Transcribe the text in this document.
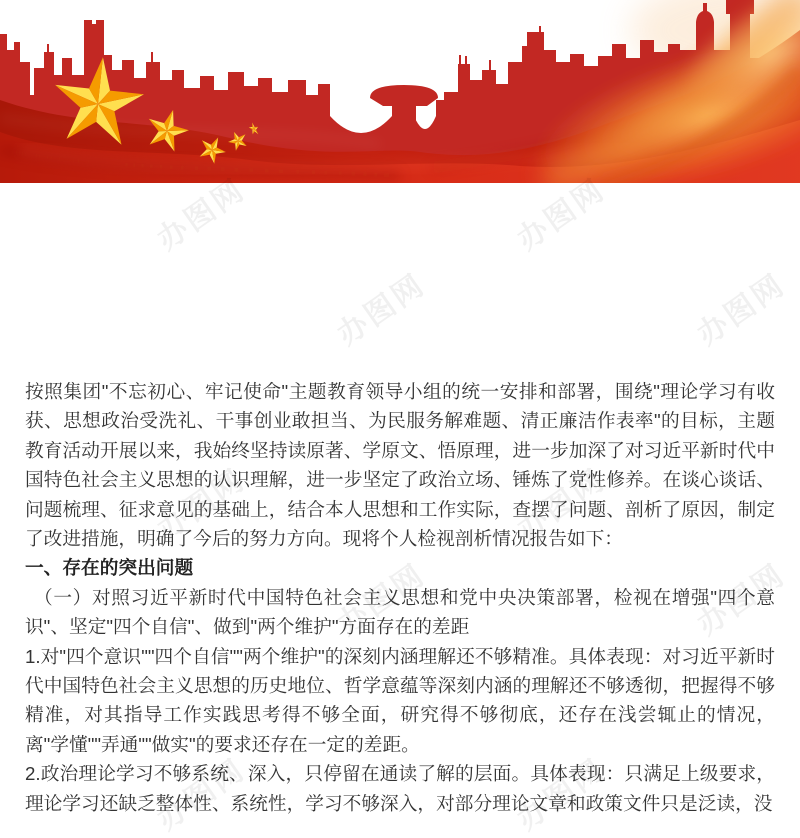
办图网	办图网
办图网	办图网
办图网	办图网
办图网	办图网
办图网	办图网

按照集团"不忘初心、牢记使命"主题教育领导小组的统一安排和部署，围绕"理论学习有收获、思想政治受洗礼、干事创业敢担当、为民服务解难题、清正廉洁作表率"的目标，主题教育活动开展以来，我始终坚持读原著、学原文、悟原理，进一步加深了对习近平新时代中国特色社会主义思想的认识理解，进一步坚定了政治立场、锤炼了党性修养。在谈心谈话、问题梳理、征求意见的基础上，结合本人思想和工作实际，查摆了问题、剖析了原因，制定了改进措施，明确了今后的努力方向。现将个人检视剖析情况报告如下：

一、存在的突出问题

（一）对照习近平新时代中国特色社会主义思想和党中央决策部署，检视在增强"四个意识"、坚定"四个自信"、做到"两个维护"方面存在的差距

1.对"四个意识""四个自信""两个维护"的深刻内涵理解还不够精准。具体表现：对习近平新时代中国特色社会主义思想的历史地位、哲学意蕴等深刻内涵的理解还不够透彻，把握得不够精准，对其指导工作实践思考得不够全面，研究得不够彻底，还存在浅尝辄止的情况，离"学懂""弄通""做实"的要求还存在一定的差距。

2.政治理论学习不够系统、深入，只停留在通读了解的层面。具体表现：只满足上级要求，理论学习还缺乏整体性、系统性，学习不够深入，对部分理论文章和政策文件只是泛读，没
